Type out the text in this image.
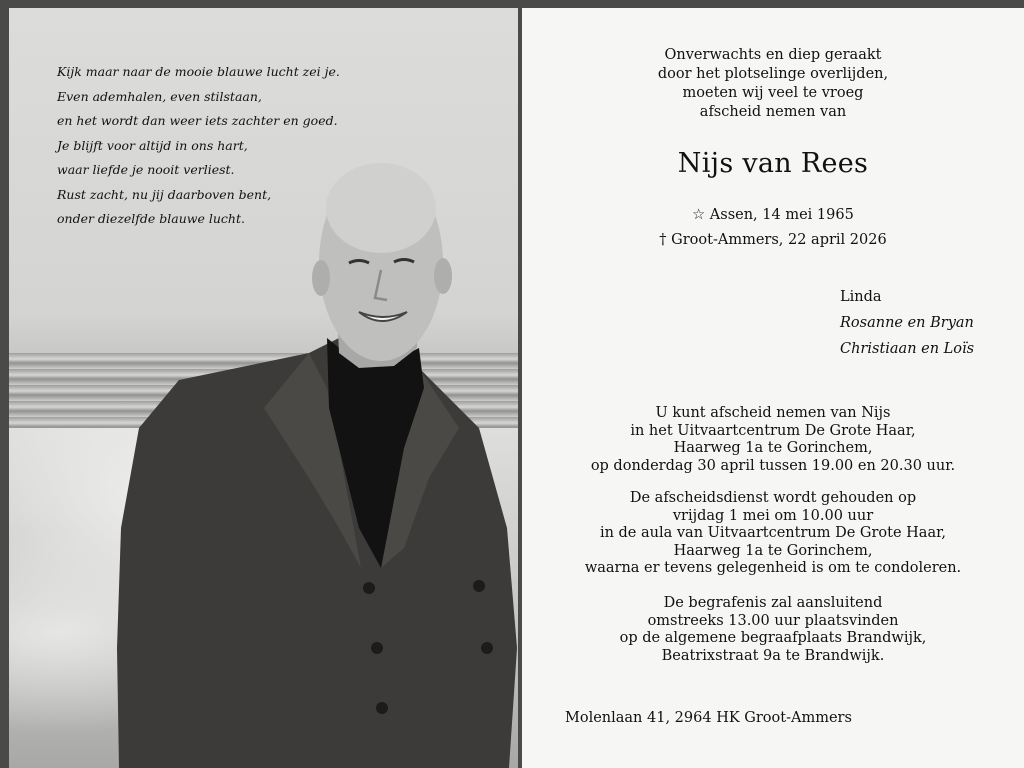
Kijk maar naar de mooie blauwe lucht zei je.
Even ademhalen, even stilstaan,
en het wordt dan weer iets zachter en goed.
Je blijft voor altijd in ons hart,
waar liefde je nooit verliest.
Rust zacht, nu jij daarboven bent,
onder diezelfde blauwe lucht.
Onverwachts en diep geraakt
door het plotselinge overlijden,
moeten wij veel te vroeg
afscheid nemen van
Nijs van Rees
☆ Assen, 14 mei 1965
† Groot-Ammers, 22 april 2026
Linda
Rosanne en Bryan
Christiaan en Loïs
U kunt afscheid nemen van Nijs
in het Uitvaartcentrum De Grote Haar,
Haarweg 1a te Gorinchem,
op donderdag 30 april tussen 19.00 en 20.30 uur.
De afscheidsdienst wordt gehouden op
vrijdag 1 mei om 10.00 uur
in de aula van Uitvaartcentrum De Grote Haar,
Haarweg 1a te Gorinchem,
waarna er tevens gelegenheid is om te condoleren.
De begrafenis zal aansluitend
omstreeks 13.00 uur plaatsvinden
op de algemene begraafplaats Brandwijk,
Beatrixstraat 9a te Brandwijk.
Molenlaan 41, 2964 HK Groot-Ammers
